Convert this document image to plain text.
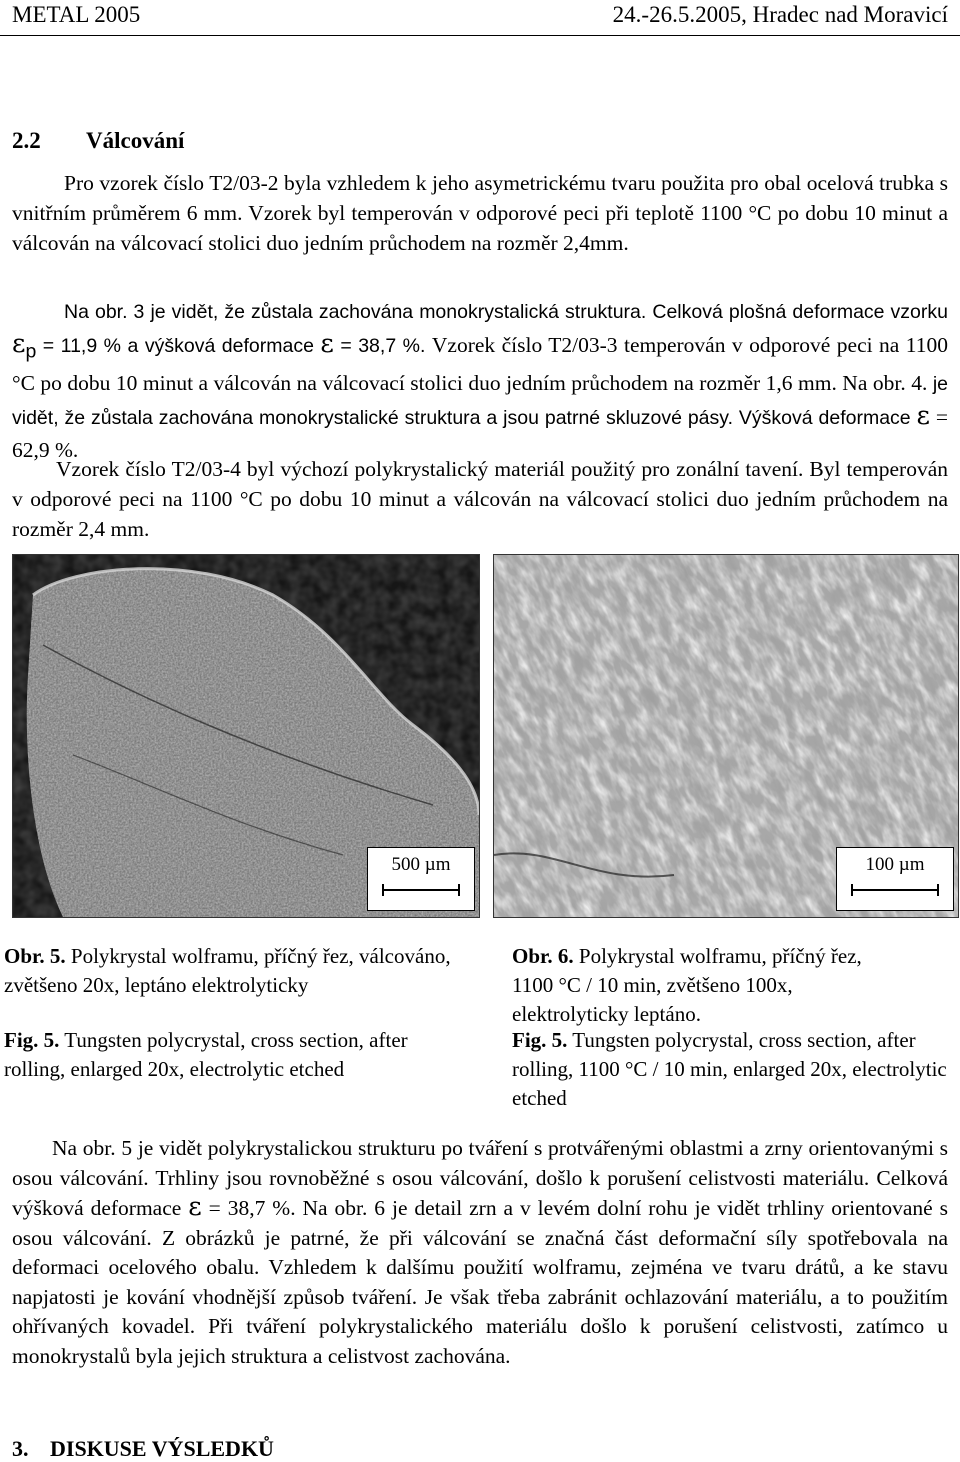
METAL 2005	24.-26.5.2005, Hradec nad Moravicí
2.2 Válcování

Pro vzorek číslo T2/03-2 byla vzhledem k jeho asymetrickému tvaru použita pro obal ocelová trubka s vnitřním průměrem 6 mm. Vzorek byl temperován v odporové peci při teplotě 1100 °C po dobu 10 minut a válcován na válcovací stolici duo jedním průchodem na rozměr 2,4mm.

Na obr. 3 je vidět, že zůstala zachována monokrystalická struktura. Celková plošná deformace vzorku $\varepsilon_p = 11,9$ % a výšková deformace ε = 38,7 %. Vzorek číslo T2/03-3 temperován v odporové peci na 1100 °C po dobu 10 minut a válcován na válcovací stolici duo jedním průchodem na rozměr 1,6 mm. Na obr. 4. je vidět, že zůstala zachována monokrystalické struktura a jsou patrné skluzové pásy. Výšková deformace ε = 62,9 %.

Vzorek číslo T2/03-4 byl výchozí polykrystalický materiál použitý pro zonální tavení. Byl temperován v odporové peci na 1100 °C po dobu 10 minut a válcován na válcovací stolici duo jedním průchodem na rozměr 2,4 mm.

500 µm	100 µm
Obr. 5. Polykrystal wolframu, příčný řez, válcováno, zvětšeno 20x, leptáno elektrolyticky
Fig. 5. Tungsten polycrystal, cross section, after rolling, enlarged 20x, electrolytic etched
Obr. 6. Polykrystal wolframu, příčný řez, 1100 °C / 10 min, zvětšeno 100x, elektrolyticky leptáno.
Fig. 5. Tungsten polycrystal, cross section, after rolling, 1100 °C / 10 min, enlarged 20x, electrolytic etched

Na obr. 5 je vidět polykrystalickou strukturu po tváření s protvářenými oblastmi a zrny orientovanými s osou válcování. Trhliny jsou rovnoběžné s osou válcování, došlo k porušení celistvosti materiálu. Celková výšková deformace ε = 38,7 %. Na obr. 6 je detail zrn a v levém dolní rohu je vidět trhliny orientované s osou válcování. Z obrázků je patrné, že při válcování se značná část deformační síly spotřebovala na deformaci ocelového obalu. Vzhledem k dalšímu použití wolframu, zejména ve tvaru drátů, a ke stavu napjatosti je kování vhodnější způsob tváření. Je však třeba zabránit ochlazování materiálu, a to použitím ohřívaných kovadel. Při tváření polykrystalického materiálu došlo k porušení celistvosti, zatímco u monokrystalů byla jejich struktura a celistvost zachována.

3. DISKUSE VÝSLEDKŮ
